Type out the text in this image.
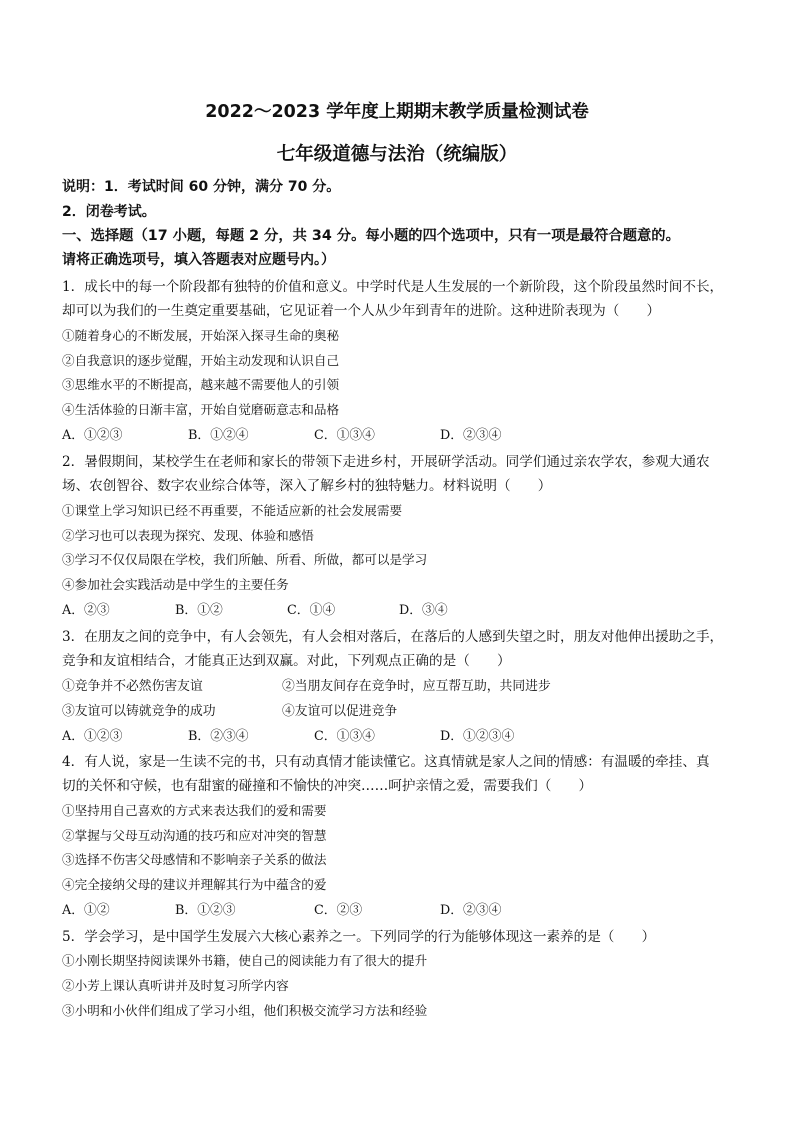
2022～2023 学年度上期期末教学质量检测试卷
七年级道德与法治（统编版）
说明：1．考试时间 60 分钟，满分 70 分。
2．闭卷考试。
一、选择题（17 小题，每题 2 分，共 34 分。每小题的四个选项中，只有一项是最符合题意的。
请将正确选项号，填入答题表对应题号内。）
1．成长中的每一个阶段都有独特的价值和意义。中学时代是人生发展的一个新阶段，这个阶段虽然时间不长，
却可以为我们的一生奠定重要基础，它见证着一个人从少年到青年的进阶。这种进阶表现为（　　）
①随着身心的不断发展，开始深入探寻生命的奥秘
②自我意识的逐步觉醒，开始主动发现和认识自己
③思维水平的不断提高，越来越不需要他人的引领
④生活体验的日渐丰富，开始自觉磨砺意志和品格
A．①②③	B．①②④	C．①③④	D．②③④
2．暑假期间，某校学生在老师和家长的带领下走进乡村，开展研学活动。同学们通过亲农学农，参观大通农
场、农创智谷、数字农业综合体等，深入了解乡村的独特魅力。材料说明（　　）
①课堂上学习知识已经不再重要，不能适应新的社会发展需要
②学习也可以表现为探究、发现、体验和感悟
③学习不仅仅局限在学校，我们所触、所看、所做，都可以是学习
④参加社会实践活动是中学生的主要任务
A．②③	B．①②	C．①④	D．③④
3．在朋友之间的竞争中，有人会领先，有人会相对落后，在落后的人感到失望之时，朋友对他伸出援助之手，
竞争和友谊相结合，才能真正达到双赢。对此，下列观点正确的是（　　）
①竞争并不必然伤害友谊	②当朋友间存在竞争时，应互帮互助，共同进步
③友谊可以铸就竞争的成功	④友谊可以促进竞争
A．①②③	B．②③④	C．①③④	D．①②③④
4．有人说，家是一生读不完的书，只有动真情才能读懂它。这真情就是家人之间的情感：有温暖的牵挂、真
切的关怀和守候，也有甜蜜的碰撞和不愉快的冲突……呵护亲情之爱，需要我们（　　）
①坚持用自己喜欢的方式来表达我们的爱和需要
②掌握与父母互动沟通的技巧和应对冲突的智慧
③选择不伤害父母感情和不影响亲子关系的做法
④完全接纳父母的建议并理解其行为中蕴含的爱
A．①②	B．①②③	C．②③	D．②③④
5．学会学习，是中国学生发展六大核心素养之一。下列同学的行为能够体现这一素养的是（　　）
①小刚长期坚持阅读课外书籍，使自己的阅读能力有了很大的提升
②小芳上课认真听讲并及时复习所学内容
③小明和小伙伴们组成了学习小组，他们积极交流学习方法和经验
